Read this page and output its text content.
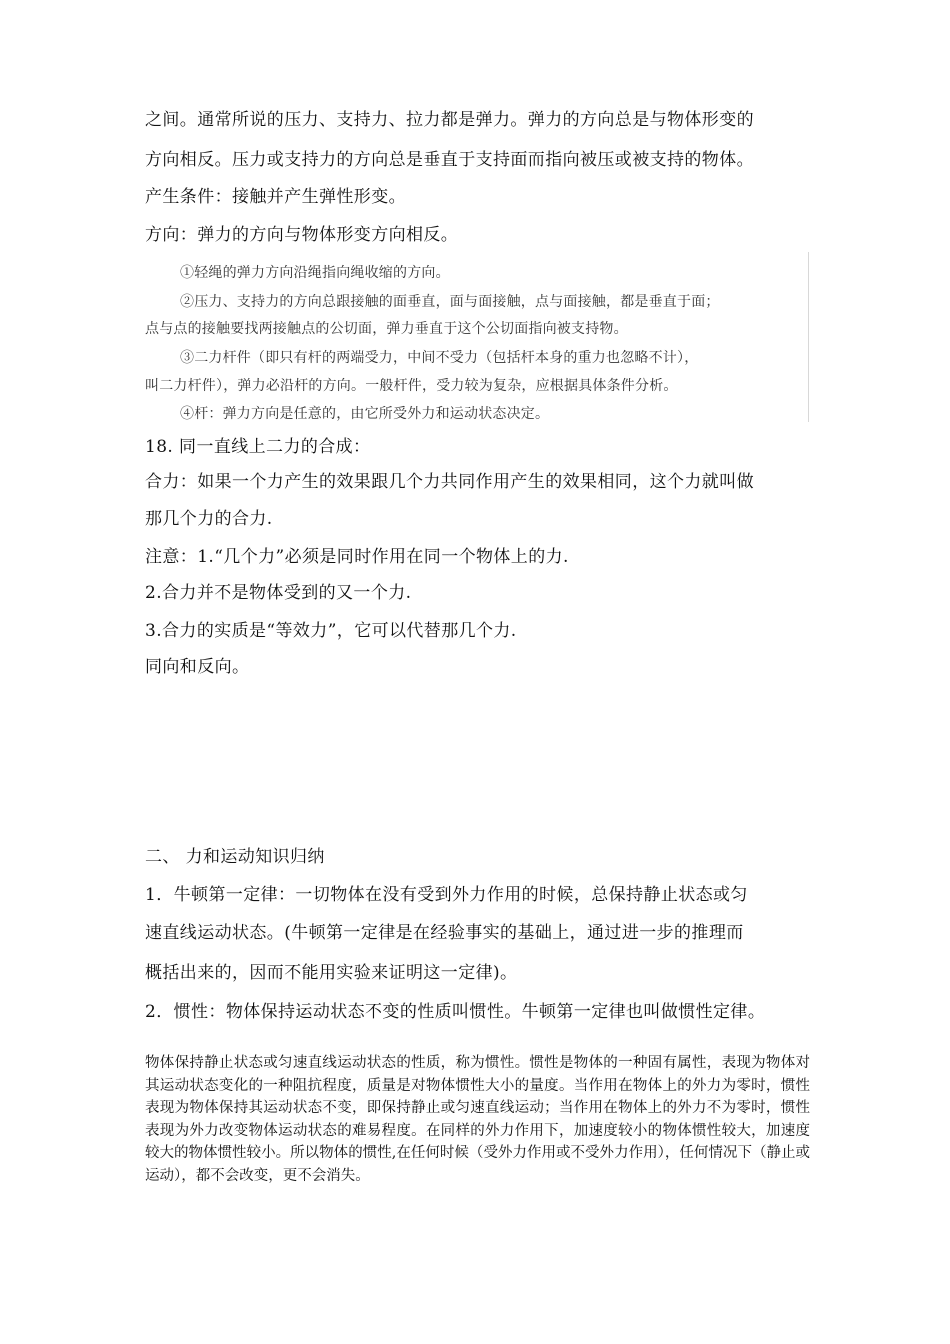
之间。通常所说的压力、支持力、拉力都是弹力。弹力的方向总是与物体形变的
方向相反。压力或支持力的方向总是垂直于支持面而指向被压或被支持的物体。
产生条件：接触并产生弹性形变。
方向：弹力的方向与物体形变方向相反。
①轻绳的弹力方向沿绳指向绳收缩的方向。
②压力、支持力的方向总跟接触的面垂直，面与面接触，点与面接触，都是垂直于面；
点与点的接触要找两接触点的公切面，弹力垂直于这个公切面指向被支持物。
③二力杆件（即只有杆的两端受力，中间不受力（包括杆本身的重力也忽略不计），
叫二力杆件），弹力必沿杆的方向。一般杆件，受力较为复杂，应根据具体条件分析。
④杆：弹力方向是任意的，由它所受外力和运动状态决定。
18. 同一直线上二力的合成：
合力：如果一个力产生的效果跟几个力共同作用产生的效果相同，这个力就叫做
那几个力的合力.
注意：1.“几个力”必须是同时作用在同一个物体上的力.
2.合力并不是物体受到的又一个力.
3.合力的实质是“等效力”，它可以代替那几个力.
同向和反向。
二、 力和运动知识归纳
1．牛顿第一定律：一切物体在没有受到外力作用的时候，总保持静止状态或匀
速直线运动状态。(牛顿第一定律是在经验事实的基础上，通过进一步的推理而
概括出来的，因而不能用实验来证明这一定律)。
2．惯性：物体保持运动状态不变的性质叫惯性。牛顿第一定律也叫做惯性定律。
物体保持静止状态或匀速直线运动状态的性质，称为惯性。惯性是物体的一种固有属性，表现为物体对其运动状态变化的一种阻抗程度，质量是对物体惯性大小的量度。当作用在物体上的外力为零时，惯性表现为物体保持其运动状态不变，即保持静止或匀速直线运动；当作用在物体上的外力不为零时，惯性表现为外力改变物体运动状态的难易程度。在同样的外力作用下，加速度较小的物体惯性较大，加速度较大的物体惯性较小。所以物体的惯性,在任何时候（受外力作用或不受外力作用），任何情况下（静止或运动），都不会改变，更不会消失。
